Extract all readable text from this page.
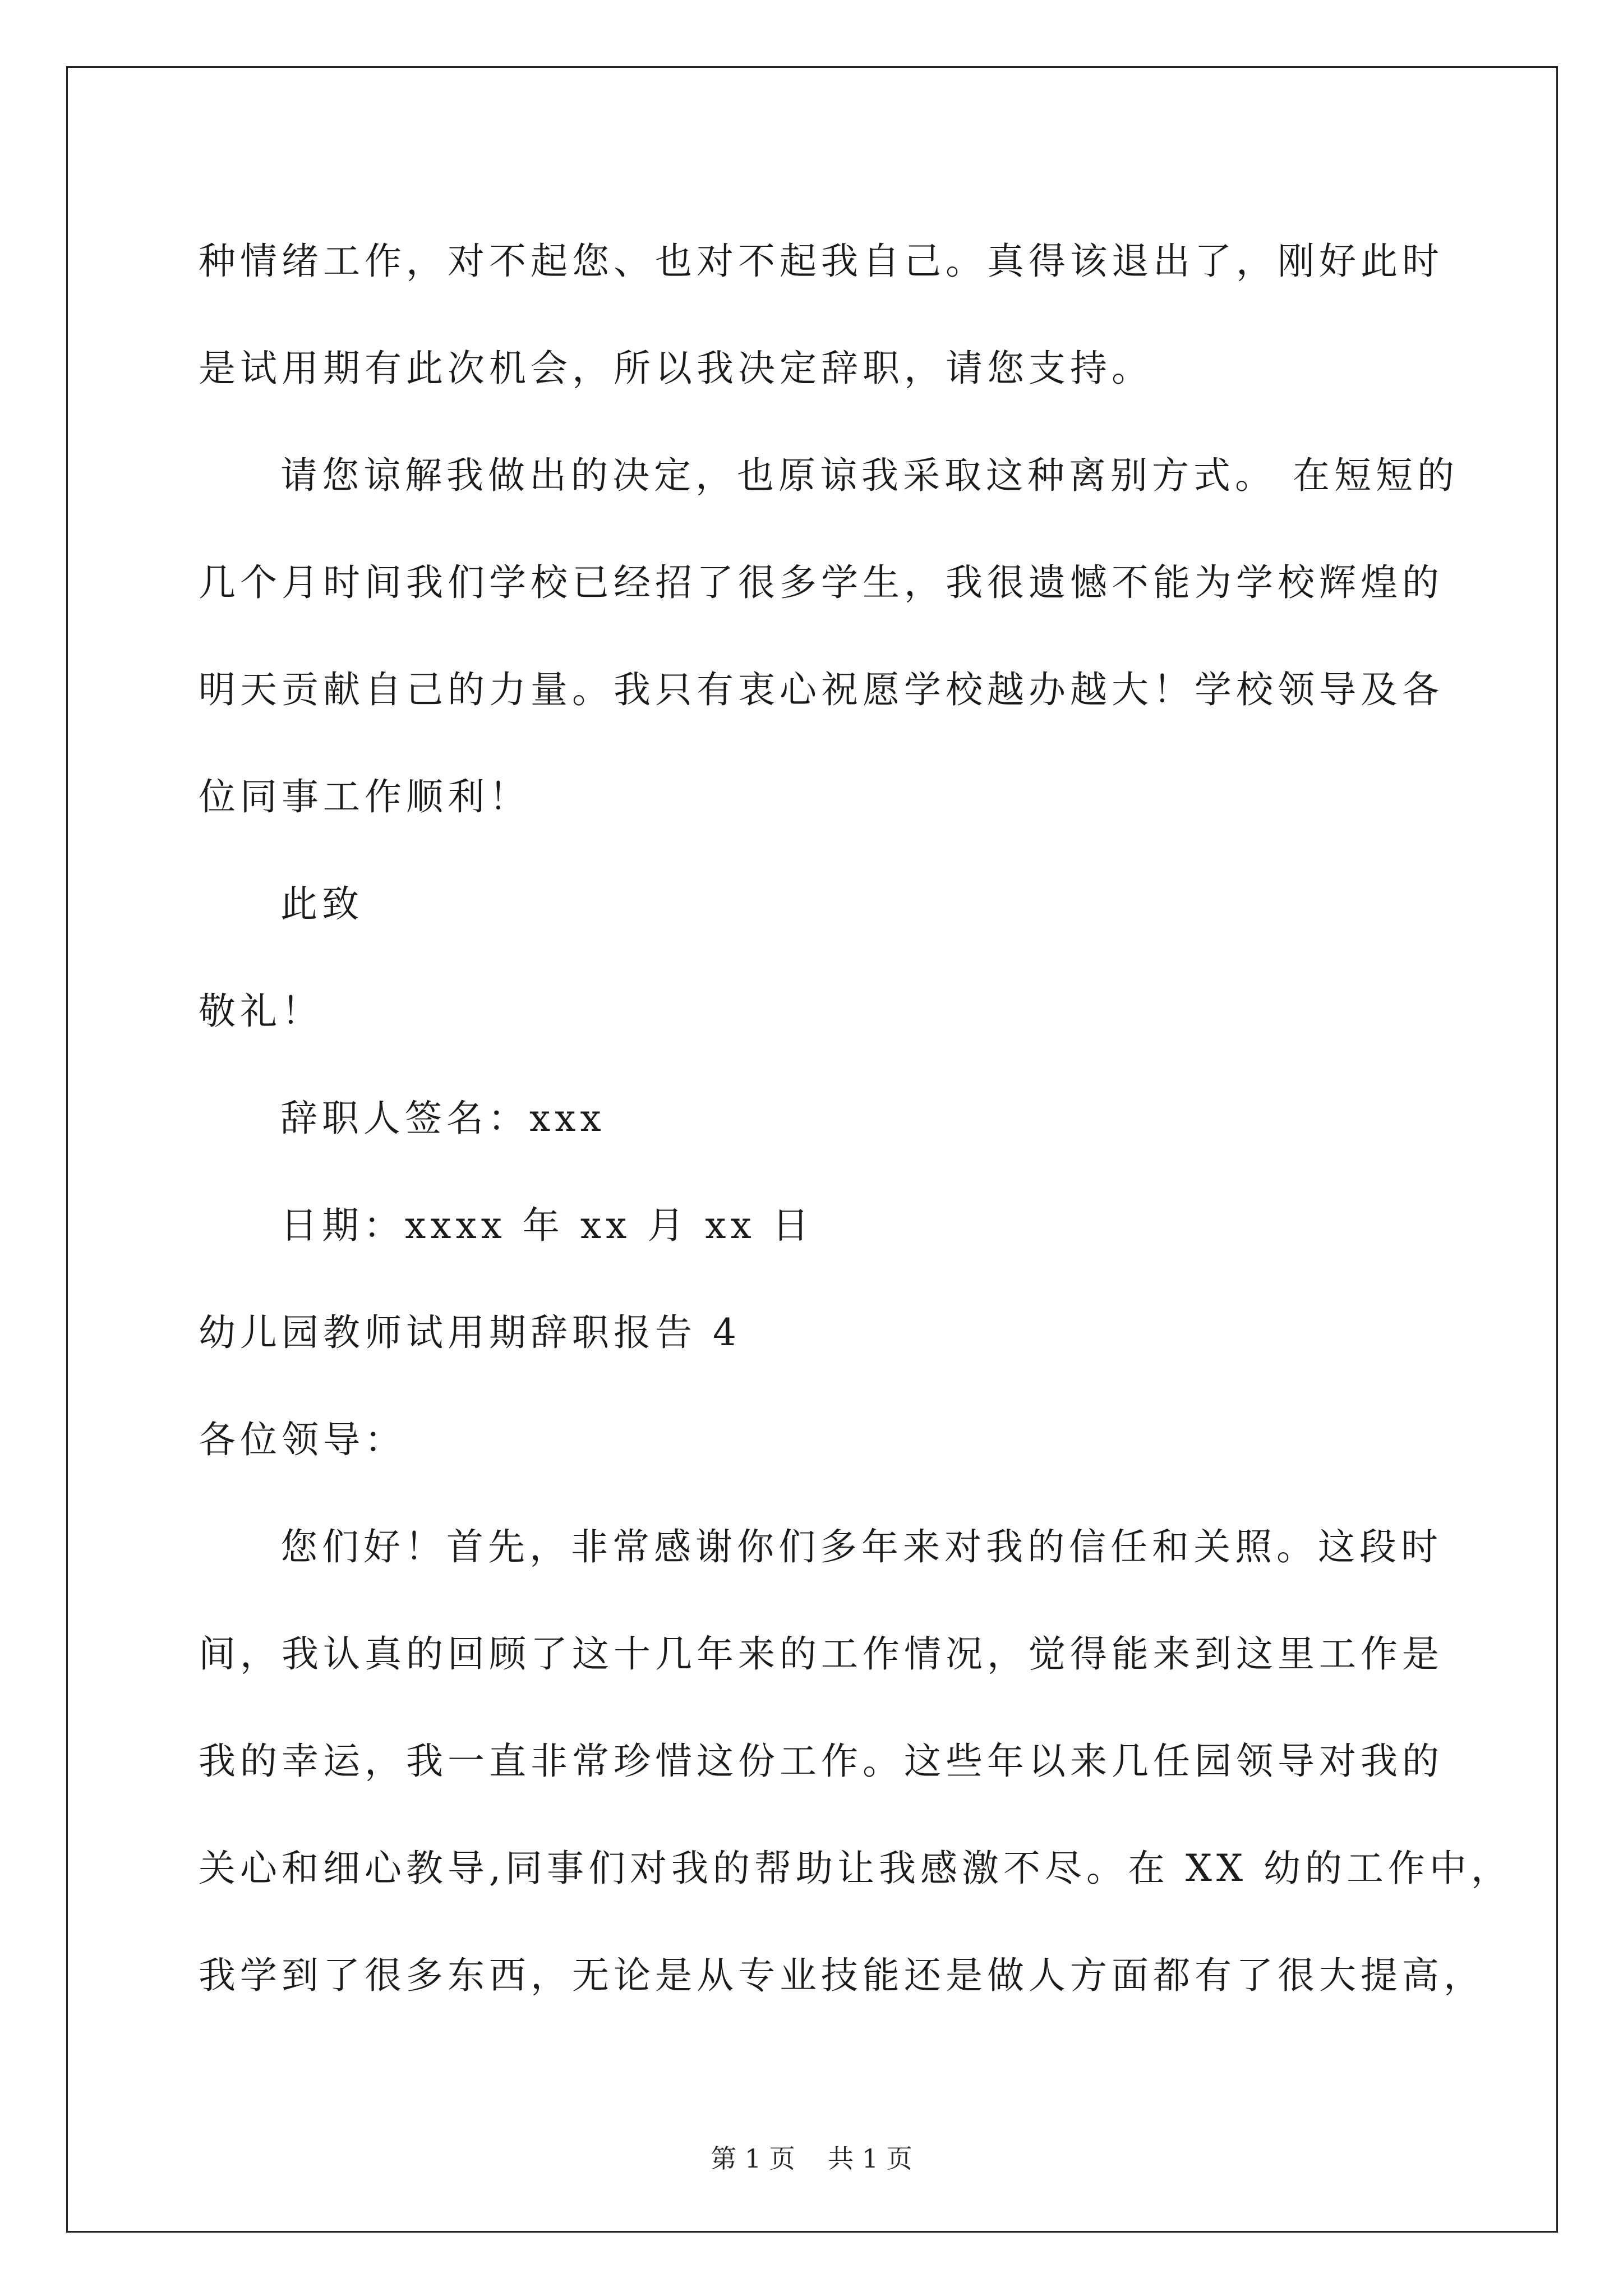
种情绪工作，对不起您、也对不起我自己。真得该退出了，刚好此时
是试用期有此次机会，所以我决定辞职，请您支持。
请您谅解我做出的决定，也原谅我采取这种离别方式。 在短短的
几个月时间我们学校已经招了很多学生，我很遗憾不能为学校辉煌的
明天贡献自己的力量。我只有衷心祝愿学校越办越大！学校领导及各
位同事工作顺利！
此致
敬礼！
辞职人签名：xxx
日期：xxxx 年 xx 月 xx 日
幼儿园教师试用期辞职报告 4
各位领导：
您们好！首先，非常感谢你们多年来对我的信任和关照。这段时
间，我认真的回顾了这十几年来的工作情况，觉得能来到这里工作是
我的幸运，我一直非常珍惜这份工作。这些年以来几任园领导对我的
关心和细心教导,同事们对我的帮助让我感激不尽。在 XX 幼的工作中，
我学到了很多东西，无论是从专业技能还是做人方面都有了很大提高，
第 1 页    共 1 页
